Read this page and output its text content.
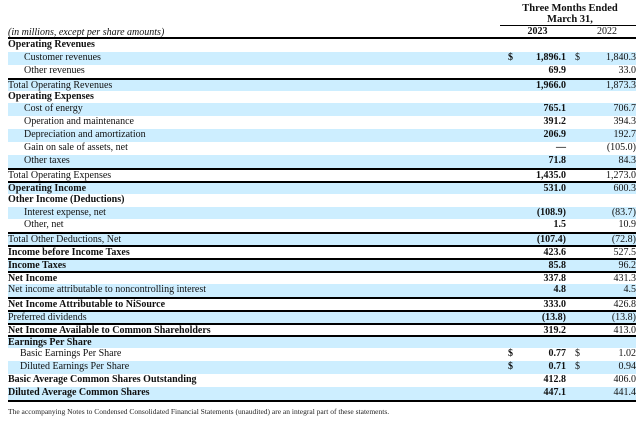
Three Months Ended
March 31,
(in millions, except per share amounts)	2023	2022
Operating Revenues
Customer revenues	$ 1,896.1 $	1,840.3
Other revenues	69.9	33.0
Total Operating Revenues	1,966.0	1,873.3
Operating Expenses
Cost of energy	765.1	706.7
Operation and maintenance	391.2	394.3
Depreciation and amortization	206.9	192.7
Gain on sale of assets, net	—	(105.0)
Other taxes	71.8	84.3
Total Operating Expenses	1,435.0	1,273.0
Operating Income	531.0	600.3
Other Income (Deductions)
Interest expense, net	(108.9)	(83.7)
Other, net	1.5	10.9
Total Other Deductions, Net	(107.4)	(72.8)
Income before Income Taxes	423.6	527.5
Income Taxes	85.8	96.2
Net Income	337.8	431.3
Net income attributable to noncontrolling interest	4.8	4.5
Net Income Attributable to NiSource	333.0	426.8
Preferred dividends	(13.8)	(13.8)
Net Income Available to Common Shareholders	319.2	413.0
Earnings Per Share
Basic Earnings Per Share	$	0.77 $	1.02
Diluted Earnings Per Share	$	0.71 $	0.94
Basic Average Common Shares Outstanding	412.8	406.0
Diluted Average Common Shares	447.1	441.4
The accompanying Notes to Condensed Consolidated Financial Statements (unaudited) are an integral part of these statements.
